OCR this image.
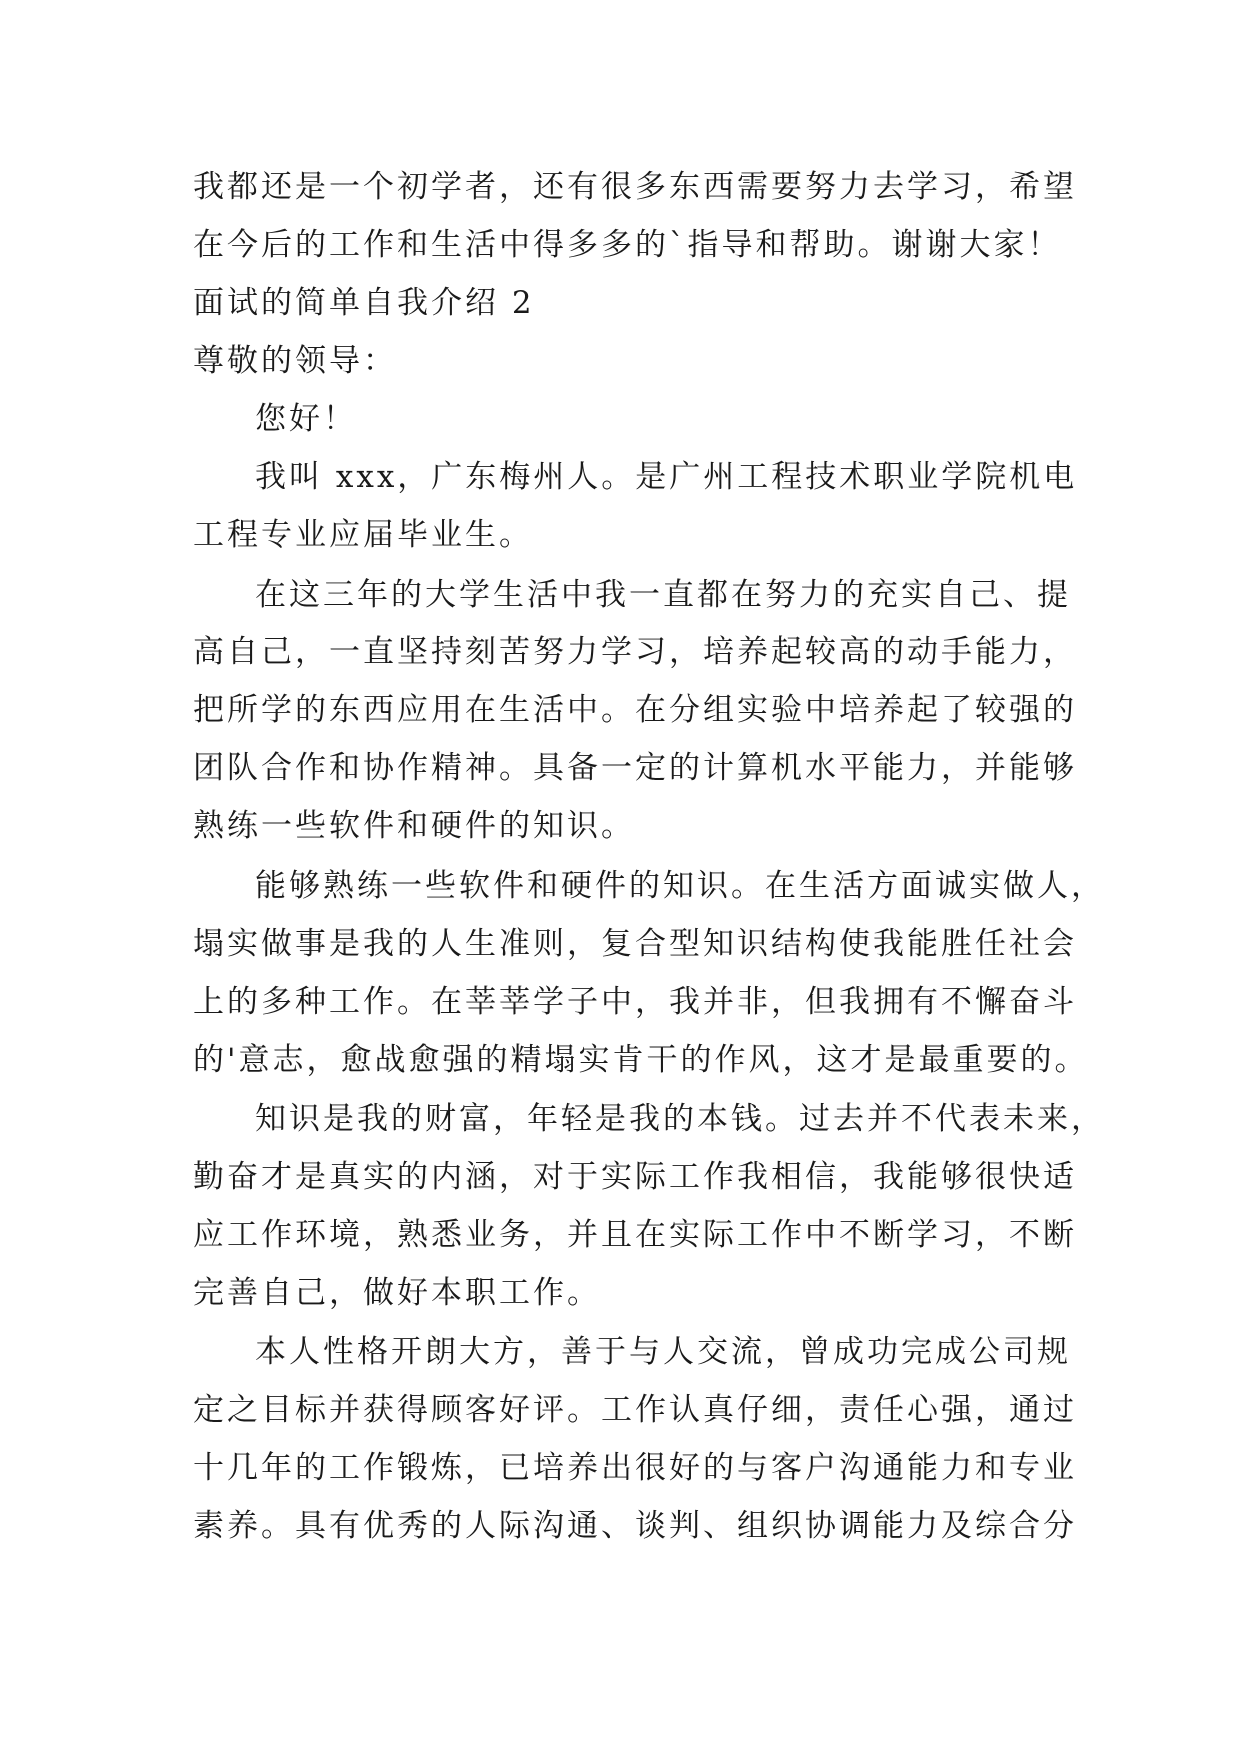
我都还是一个初学者，还有很多东西需要努力去学习，希望
在今后的工作和生活中得多多的`指导和帮助。谢谢大家！
面试的简单自我介绍 2
尊敬的领导：
您好！
我叫 xxx，广东梅州人。是广州工程技术职业学院机电
工程专业应届毕业生。
在这三年的大学生活中我一直都在努力的充实自己、提
高自己，一直坚持刻苦努力学习，培养起较高的动手能力，
把所学的东西应用在生活中。在分组实验中培养起了较强的
团队合作和协作精神。具备一定的计算机水平能力，并能够
熟练一些软件和硬件的知识。
能够熟练一些软件和硬件的知识。在生活方面诚实做人，
塌实做事是我的人生准则，复合型知识结构使我能胜任社会
上的多种工作。在莘莘学子中，我并非，但我拥有不懈奋斗
的'意志，愈战愈强的精塌实肯干的作风，这才是最重要的。
知识是我的财富，年轻是我的本钱。过去并不代表未来，
勤奋才是真实的内涵，对于实际工作我相信，我能够很快适
应工作环境，熟悉业务，并且在实际工作中不断学习，不断
完善自己，做好本职工作。
本人性格开朗大方，善于与人交流，曾成功完成公司规
定之目标并获得顾客好评。工作认真仔细，责任心强，通过
十几年的工作锻炼，已培养出很好的与客户沟通能力和专业
素养。具有优秀的人际沟通、谈判、组织协调能力及综合分
